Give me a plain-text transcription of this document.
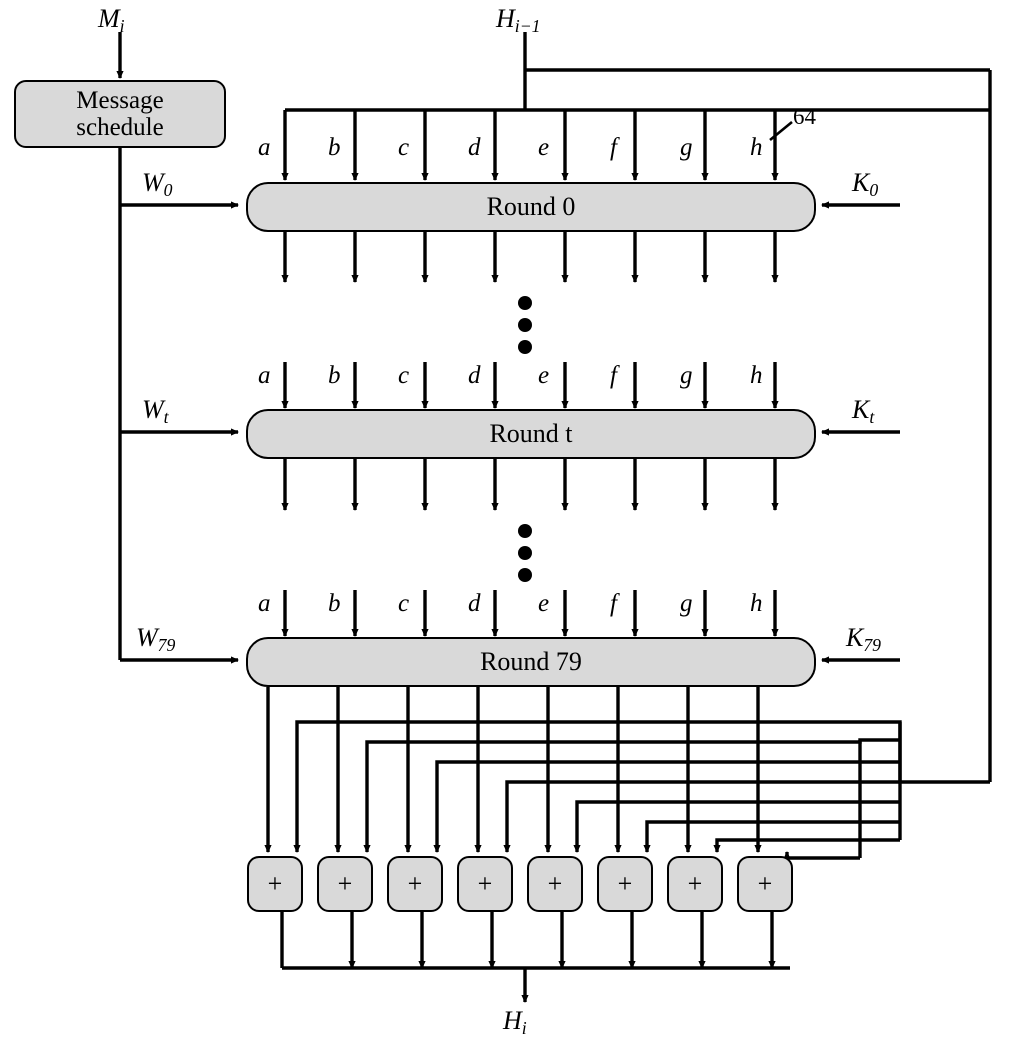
$M_i$	$H_{i-1}$
Message
schedule	64
a b c d e f	g h
$W_0$	$K_0$
Round 0
a b c d e f	g h
$W_t$	$K_t$
Round t
a b c d e f	g h
$W_{79}$	$K_{79}$
Round 79
+ + + + + + + +
$H_i$
